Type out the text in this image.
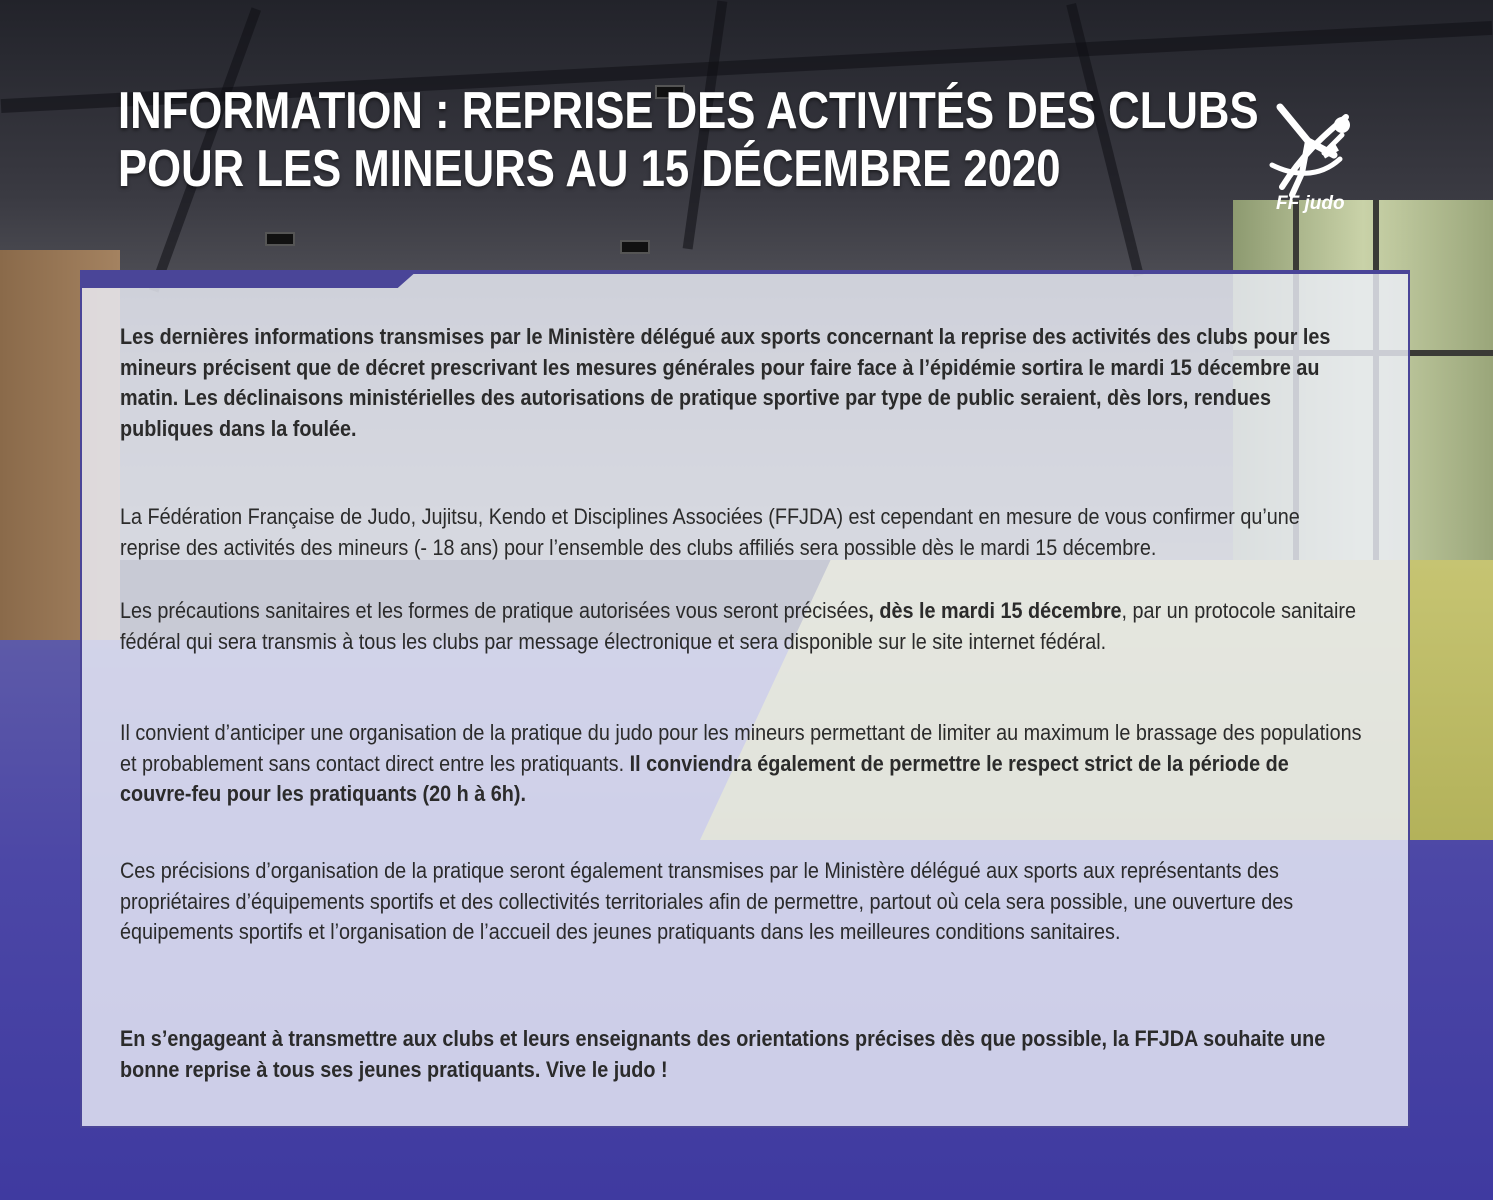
INFORMATION : REPRISE DES ACTIVITÉS DES CLUBS
POUR LES MINEURS AU 15 DÉCEMBRE 2020
FF judo

Les dernières informations transmises par le Ministère délégué aux sports concernant la reprise des activités des clubs pour les mineurs précisent que de décret prescrivant les mesures générales pour faire face à l’épidémie sortira le mardi 15 décembre au matin. Les déclinaisons ministérielles des autorisations de pratique sportive par type de public seraient, dès lors, rendues publiques dans la foulée.

La Fédération Française de Judo, Jujitsu, Kendo et Disciplines Associées (FFJDA) est cependant en mesure de vous confirmer qu’une reprise des activités des mineurs (- 18 ans) pour l’ensemble des clubs affiliés sera possible dès le mardi 15 décembre.

Les précautions sanitaires et les formes de pratique autorisées vous seront précisées, dès le mardi 15 décembre, par un protocole sanitaire fédéral qui sera transmis à tous les clubs par message électronique et sera disponible sur le site internet fédéral.

Il convient d’anticiper une organisation de la pratique du judo pour les mineurs permettant de limiter au maximum le brassage des populations et probablement sans contact direct entre les pratiquants. Il conviendra également de permettre le respect strict de la période de couvre-feu pour les pratiquants (20 h à 6h).

Ces précisions d’organisation de la pratique seront également transmises par le Ministère délégué aux sports aux représentants des propriétaires d’équipements sportifs et des collectivités territoriales afin de permettre, partout où cela sera possible, une ouverture des équipements sportifs et l’organisation de l’accueil des jeunes pratiquants dans les meilleures conditions sanitaires.

En s’engageant à transmettre aux clubs et leurs enseignants des orientations précises dès que possible, la FFJDA souhaite une bonne reprise à tous ses jeunes pratiquants. Vive le judo !
